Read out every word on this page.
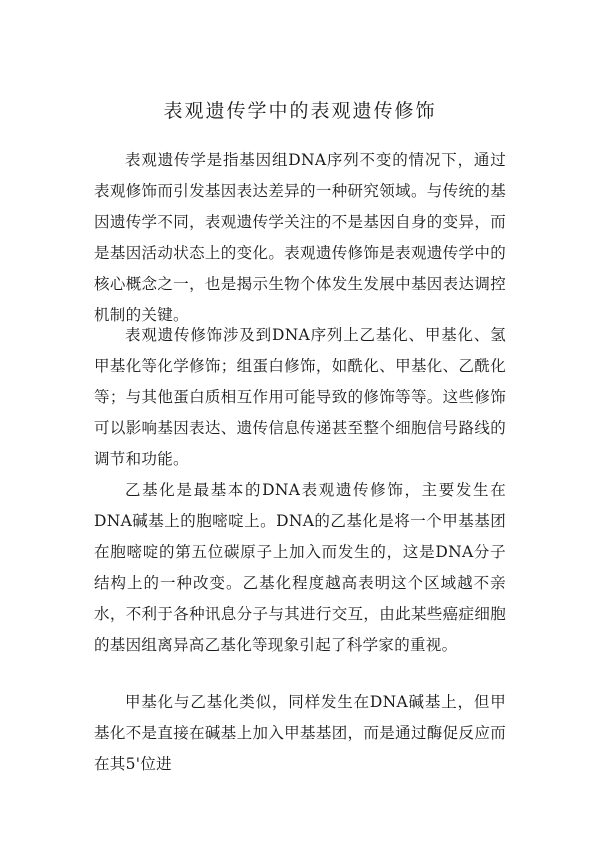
表观遗传学中的表观遗传修饰

表观遗传学是指基因组DNA序列不变的情况下，通过表观修饰而引发基因表达差异的一种研究领域。与传统的基因遗传学不同，表观遗传学关注的不是基因自身的变异，而是基因活动状态上的变化。表观遗传修饰是表观遗传学中的核心概念之一，也是揭示生物个体发生发展中基因表达调控机制的关键。

表观遗传修饰涉及到DNA序列上乙基化、甲基化、氢甲基化等化学修饰；组蛋白修饰，如酰化、甲基化、乙酰化等；与其他蛋白质相互作用可能导致的修饰等等。这些修饰可以影响基因表达、遗传信息传递甚至整个细胞信号路线的调节和功能。

乙基化是最基本的DNA表观遗传修饰，主要发生在DNA碱基上的胞嘧啶上。DNA的乙基化是将一个甲基基团在胞嘧啶的第五位碳原子上加入而发生的，这是DNA分子结构上的一种改变。乙基化程度越高表明这个区域越不亲水，不利于各种讯息分子与其进行交互，由此某些癌症细胞的基因组离异高乙基化等现象引起了科学家的重视。

甲基化与乙基化类似，同样发生在DNA碱基上，但甲基化不是直接在碱基上加入甲基基团，而是通过酶促反应而在其5'位进
